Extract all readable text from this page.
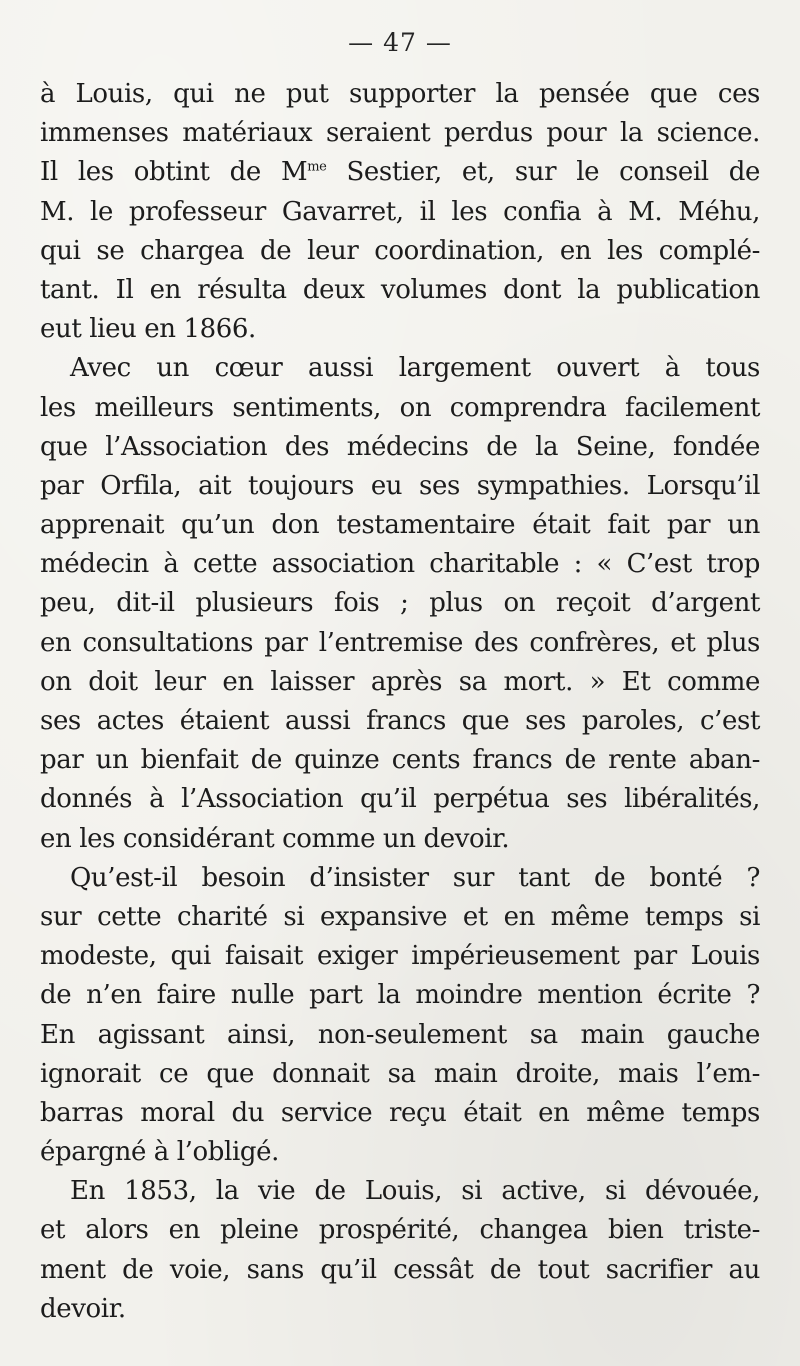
— 47 —
à Louis, qui ne put supporter la pensée que ces
immenses matériaux seraient perdus pour la science.
Il les obtint de $M^{me}$ Sestier, et, sur le conseil de
M. le professeur Gavarret, il les confia à M. Méhu,
qui se chargea de leur coordination, en les complé-
tant. Il en résulta deux volumes dont la publication
eut lieu en 1866.
Avec un cœur aussi largement ouvert à tous
les meilleurs sentiments, on comprendra facilement
que l’Association des médecins de la Seine, fondée
par Orfila, ait toujours eu ses sympathies. Lorsqu’il
apprenait qu’un don testamentaire était fait par un
médecin à cette association charitable : « C’est trop
peu, dit-il plusieurs fois ; plus on reçoit d’argent
en consultations par l’entremise des confrères, et plus
on doit leur en laisser après sa mort. » Et comme
ses actes étaient aussi francs que ses paroles, c’est
par un bienfait de quinze cents francs de rente aban-
donnés à l’Association qu’il perpétua ses libéralités,
en les considérant comme un devoir.
Qu’est-il besoin d’insister sur tant de bonté ?
sur cette charité si expansive et en même temps si
modeste, qui faisait exiger impérieusement par Louis
de n’en faire nulle part la moindre mention écrite ?
En agissant ainsi, non-seulement sa main gauche
ignorait ce que donnait sa main droite, mais l’em-
barras moral du service reçu était en même temps
épargné à l’obligé.
En 1853, la vie de Louis, si active, si dévouée,
et alors en pleine prospérité, changea bien triste-
ment de voie, sans qu’il cessât de tout sacrifier au
devoir.
